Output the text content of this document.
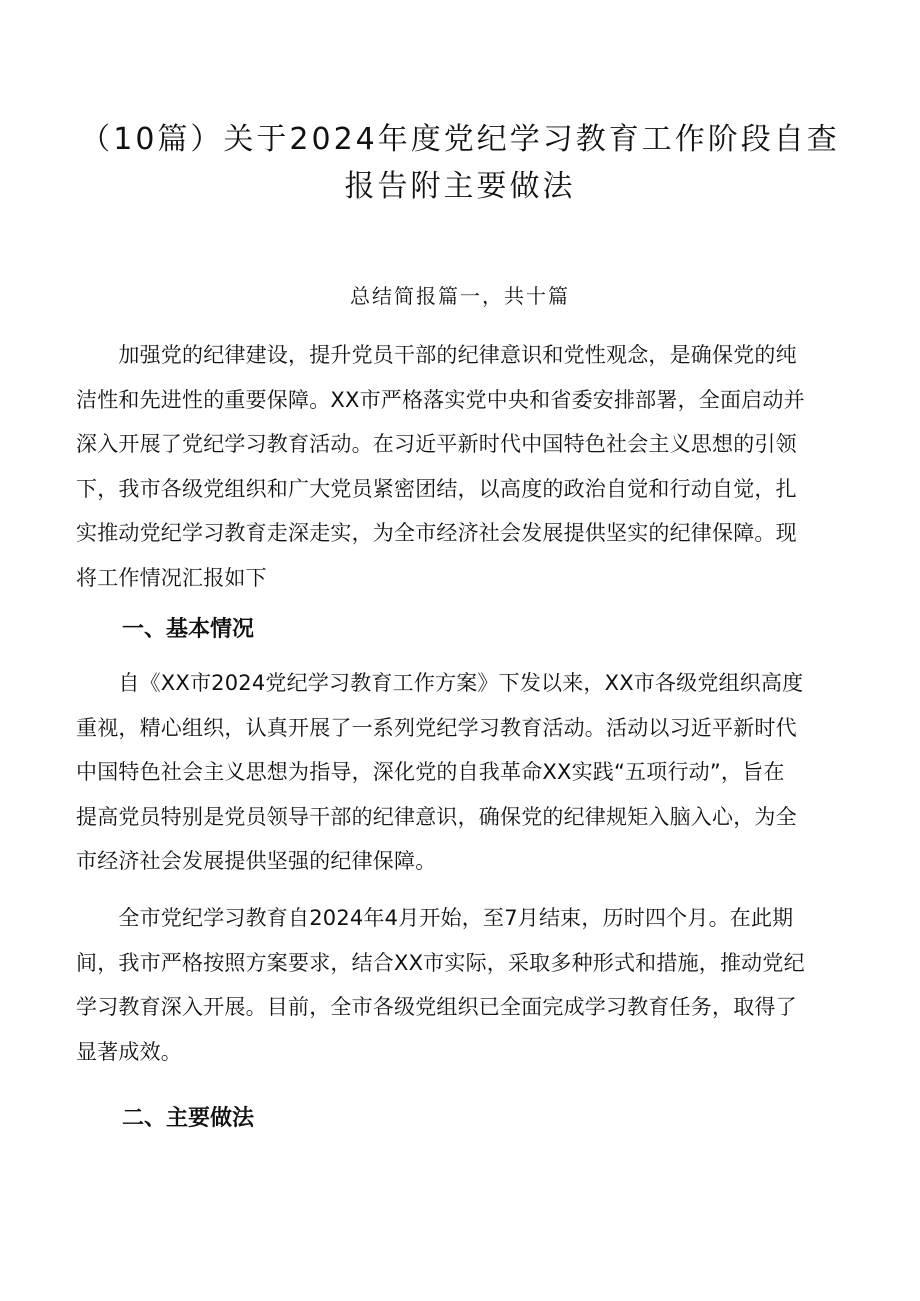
（10篇）关于2024年度党纪学习教育工作阶段自查
报告附主要做法
总结简报篇一，共十篇
　　加强党的纪律建设，提升党员干部的纪律意识和党性观念，是确保党的纯
洁性和先进性的重要保障。XX市严格落实党中央和省委安排部署，全面启动并
深入开展了党纪学习教育活动。在习近平新时代中国特色社会主义思想的引领
下，我市各级党组织和广大党员紧密团结，以高度的政治自觉和行动自觉，扎
实推动党纪学习教育走深走实，为全市经济社会发展提供坚实的纪律保障。现
将工作情况汇报如下
一、基本情况
　　自《XX市2024党纪学习教育工作方案》下发以来，XX市各级党组织高度
重视，精心组织，认真开展了一系列党纪学习教育活动。活动以习近平新时代
中国特色社会主义思想为指导，深化党的自我革命XX实践“五项行动”，旨在
提高党员特别是党员领导干部的纪律意识，确保党的纪律规矩入脑入心，为全
市经济社会发展提供坚强的纪律保障。
　　全市党纪学习教育自2024年4月开始，至7月结束，历时四个月。在此期
间，我市严格按照方案要求，结合XX市实际，采取多种形式和措施，推动党纪
学习教育深入开展。目前，全市各级党组织已全面完成学习教育任务，取得了
显著成效。
二、主要做法
